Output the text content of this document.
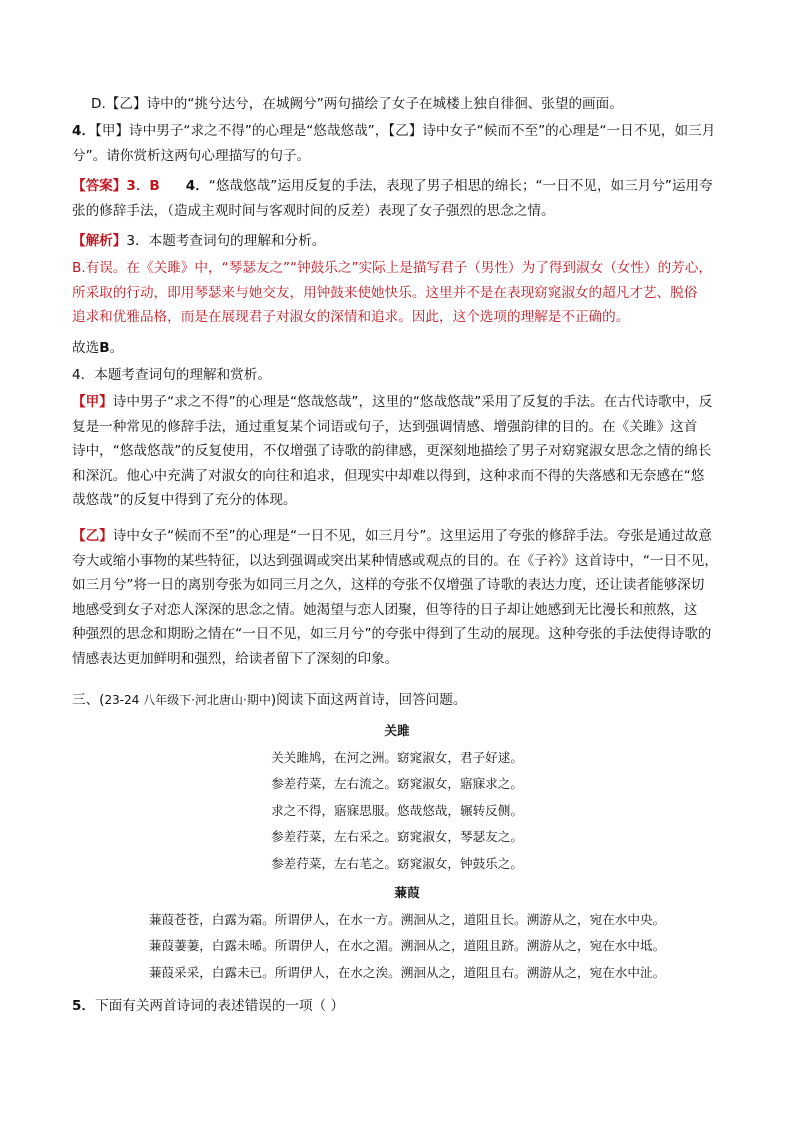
D.【乙】诗中的“挑兮达兮，在城阙兮”两句描绘了女子在城楼上独自徘徊、张望的画面。

4．【甲】诗中男子“求之不得”的心理是“悠哉悠哉”，【乙】诗中女子“候而不至”的心理是“一日不见，如三月
兮”。请你赏析这两句心理描写的句子。

【答案】3．B 4．“悠哉悠哉”运用反复的手法，表现了男子相思的绵长；“一日不见，如三月兮”运用夸
张的修辞手法，（造成主观时间与客观时间的反差）表现了女子强烈的思念之情。

【解析】3．本题考查词句的理解和分析。

B.有误。在《关雎》中，“琴瑟友之”“钟鼓乐之”实际上是描写君子（男性）为了得到淑女（女性）的芳心，
所采取的行动，即用琴瑟来与她交友，用钟鼓来使她快乐。这里并不是在表现窈窕淑女的超凡才艺、脱俗
追求和优雅品格，而是在展现君子对淑女的深情和追求。因此，这个选项的理解是不正确的。

故选B。

4．本题考查词句的理解和赏析。

【甲】诗中男子“求之不得”的心理是“悠哉悠哉”，这里的“悠哉悠哉”采用了反复的手法。在古代诗歌中，反
复是一种常见的修辞手法，通过重复某个词语或句子，达到强调情感、增强韵律的目的。在《关雎》这首
诗中，“悠哉悠哉”的反复使用，不仅增强了诗歌的韵律感，更深刻地描绘了男子对窈窕淑女思念之情的绵长
和深沉。他心中充满了对淑女的向往和追求，但现实中却难以得到，这种求而不得的失落感和无奈感在“悠
哉悠哉”的反复中得到了充分的体现。

【乙】诗中女子“候而不至”的心理是“一日不见，如三月兮”。这里运用了夸张的修辞手法。夸张是通过故意
夸大或缩小事物的某些特征，以达到强调或突出某种情感或观点的目的。在《子衿》这首诗中，“一日不见，
如三月兮”将一日的离别夸张为如同三月之久，这样的夸张不仅增强了诗歌的表达力度，还让读者能够深切
地感受到女子对恋人深深的思念之情。她渴望与恋人团聚，但等待的日子却让她感到无比漫长和煎熬，这
种强烈的思念和期盼之情在“一日不见，如三月兮”的夸张中得到了生动的展现。这种夸张的手法使得诗歌的
情感表达更加鲜明和强烈，给读者留下了深刻的印象。

三、(23-24 八年级下·河北唐山·期中)阅读下面这两首诗，回答问题。

关雎
关关雎鸠，在河之洲。窈窕淑女，君子好逑。
参差荇菜，左右流之。窈窕淑女，寤寐求之。
求之不得，寤寐思服。悠哉悠哉，辗转反侧。
参差荇菜，左右采之。窈窕淑女，琴瑟友之。
参差荇菜，左右芼之。窈窕淑女，钟鼓乐之。
蒹葭
蒹葭苍苍，白露为霜。所谓伊人，在水一方。溯洄从之，道阻且长。溯游从之，宛在水中央。
蒹葭萋萋，白露未晞。所谓伊人，在水之湄。溯洄从之，道阻且跻。溯游从之，宛在水中坻。
蒹葭采采，白露未已。所谓伊人，在水之涘。溯洄从之，道阻且右。溯游从之，宛在水中沚。

5．下面有关两首诗词的表述错误的一项（ ）
